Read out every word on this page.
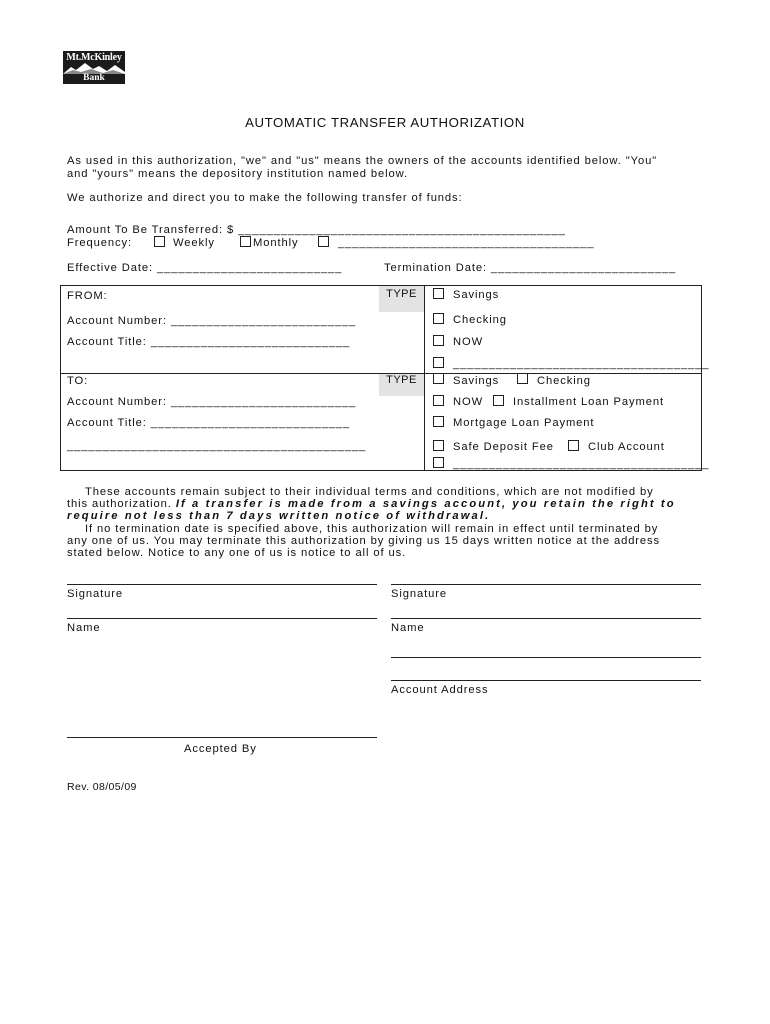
Mt.McKinley
Bank
AUTOMATIC TRANSFER AUTHORIZATION
As used in this authorization, "we" and "us" means the owners of the accounts identified below. "You"
and "yours" means the depository institution named below.
We authorize and direct you to make the following transfer of funds:
Amount To Be Transferred: $ ______________________________________________
Frequency:	Weekly	Monthly	____________________________________
Effective Date: __________________________	Termination Date: __________________________
FROM:	TYPE
Account Number: __________________________
Account Title: ____________________________
Savings
Checking
NOW
____________________________________
TO:	TYPE
Account Number: __________________________
Account Title: ____________________________
__________________________________________
Savings	Checking
NOW	Installment Loan Payment
Mortgage Loan Payment
Safe Deposit Fee	Club Account
____________________________________
These accounts remain subject to their individual terms and conditions, which are not modified by
this authorization. If a transfer is made from a savings account, you retain the right to
require not less than 7 days written notice of withdrawal.
If no termination date is specified above, this authorization will remain in effect until terminated by
any one of us. You may terminate this authorization by giving us 15 days written notice at the address
stated below. Notice to any one of us is notice to all of us.
Signature	Signature
Name	Name
Account Address
Accepted By
Rev. 08/05/09
